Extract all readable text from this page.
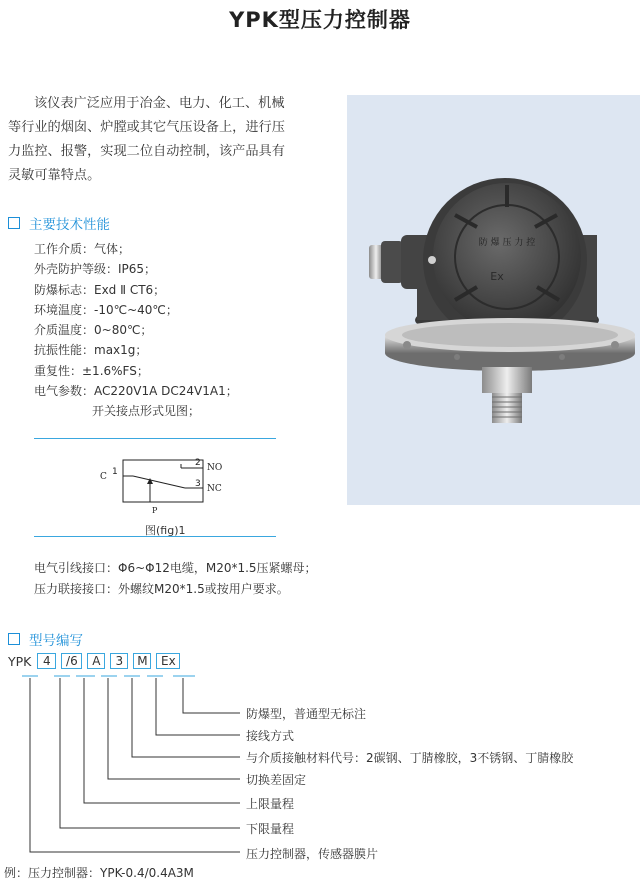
YPK型压力控制器
该仪表广泛应用于冶金、电力、化工、机械
等行业的烟囱、炉膛或其它气压设备上，进行压
力监控、报警，实现二位自动控制，该产品具有
灵敏可靠特点。
防 爆 压 力 控
Ex
主要技术性能
工作介质：气体；
外壳防护等级：IP65；
防爆标志：Exd Ⅱ CT6；
环境温度：-10℃~40℃；
介质温度：0~80℃；
抗振性能：max1g；
重复性：±1.6%FS；
电气参数：AC220V1A DC24V1A1；
开关接点形式见图；
C 1
2 NO
3 NC
P
图(fig)1
电气引线接口：Φ6~Φ12电缆，M20*1.5压紧螺母；
压力联接接口：外螺纹M20*1.5或按用户要求。
型号编写
YPK 4	/6	A	3	M	Ex
防爆型，普通型无标注
接线方式
与介质接触材料代号：2碳钢、丁腈橡胶，3不锈钢、丁腈橡胶
切换差固定
上限量程
下限量程
压力控制器，传感器膜片
例：压力控制器：YPK-0.4/0.4A3M
